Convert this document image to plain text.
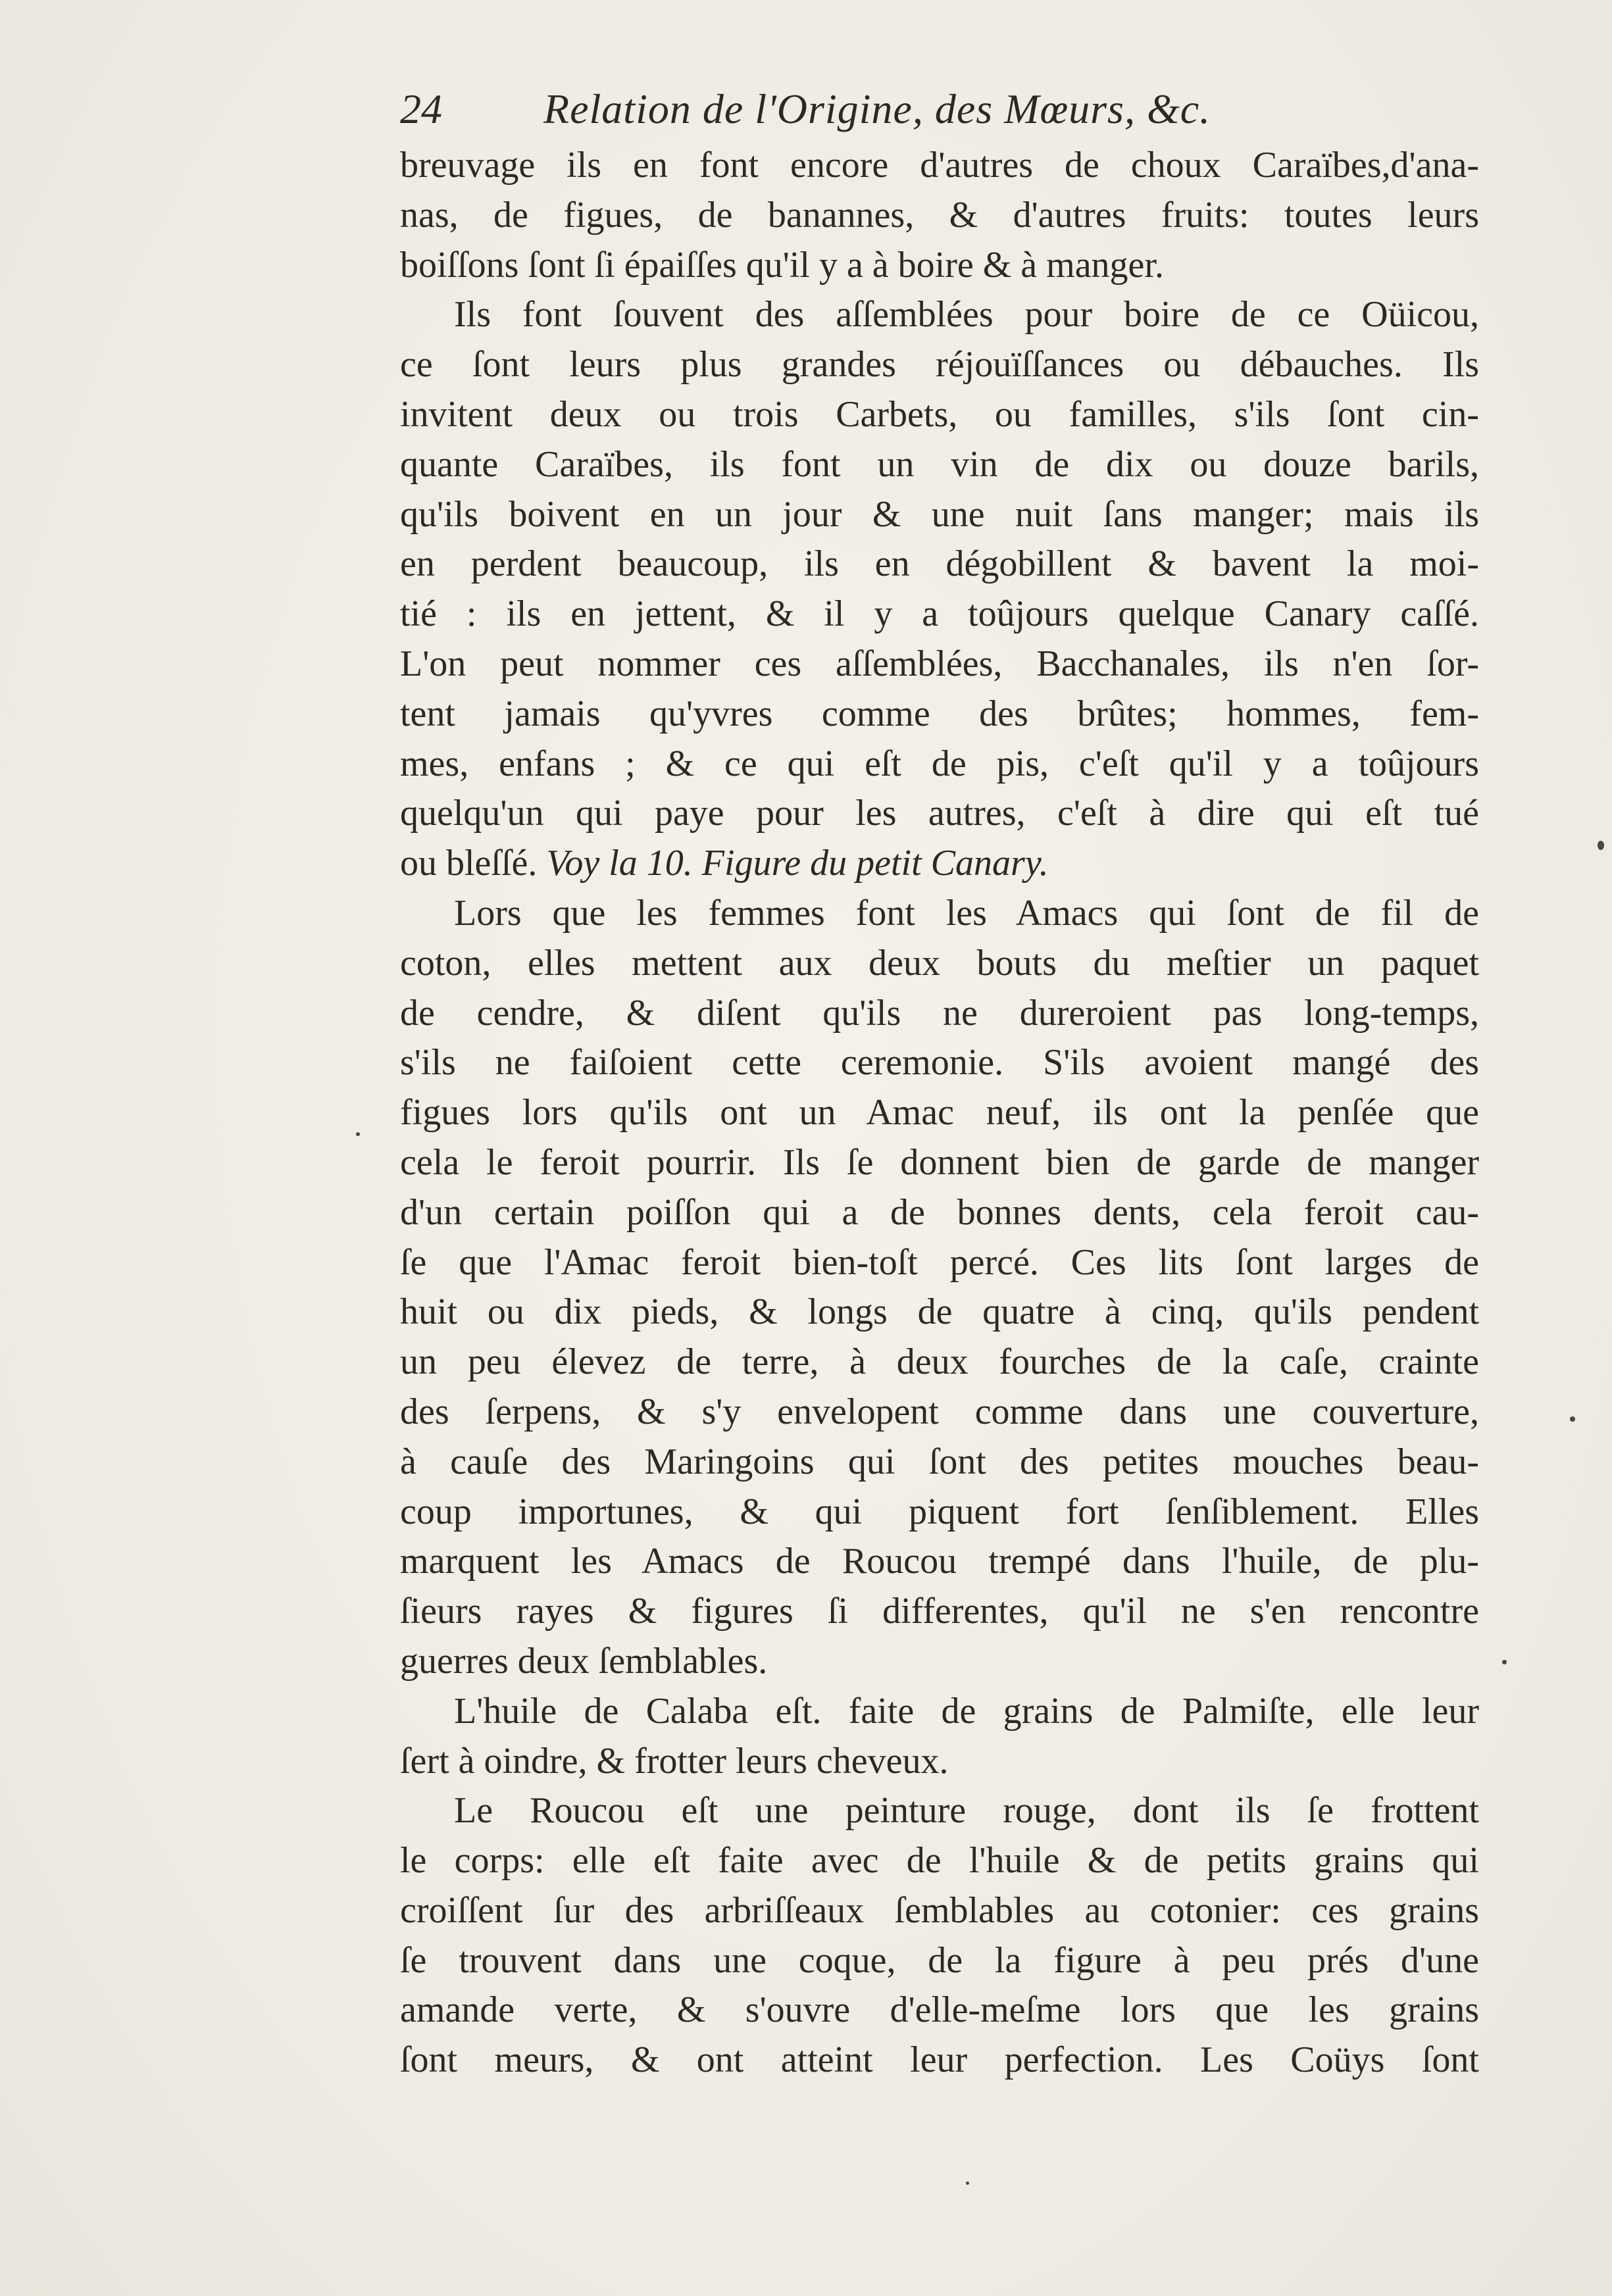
24 Relation de l'Origine, des Mœurs, &c.
breuvage ils en font encore d'autres de choux Caraïbes,d'ana-
nas, de figues, de banannes, & d'autres fruits: toutes leurs
boiſſons ſont ſi épaiſſes qu'il y a à boire & à manger.
Ils font ſouvent des aſſemblées pour boire de ce Oüicou,
ce ſont leurs plus grandes réjouïſſances ou débauches. Ils
invitent deux ou trois Carbets, ou familles, s'ils ſont cin-
quante Caraïbes, ils font un vin de dix ou douze barils,
qu'ils boivent en un jour & une nuit ſans manger; mais ils
en perdent beaucoup, ils en dégobillent & bavent la moi-
tié : ils en jettent, & il y a toûjours quelque Canary caſſé.
L'on peut nommer ces aſſemblées, Bacchanales, ils n'en ſor-
tent jamais qu'yvres comme des brûtes; hommes, fem-
mes, enfans ; & ce qui eſt de pis, c'eſt qu'il y a toûjours
quelqu'un qui paye pour les autres, c'eſt à dire qui eſt tué
ou bleſſé. Voy la 10. Figure du petit Canary.
Lors que les femmes font les Amacs qui ſont de fil de
coton, elles mettent aux deux bouts du meſtier un paquet
de cendre, & diſent qu'ils ne dureroient pas long-temps,
s'ils ne faiſoient cette ceremonie. S'ils avoient mangé des
figues lors qu'ils ont un Amac neuf, ils ont la penſée que
cela le feroit pourrir. Ils ſe donnent bien de garde de manger
d'un certain poiſſon qui a de bonnes dents, cela feroit cau-
ſe que l'Amac feroit bien-toſt percé. Ces lits ſont larges de
huit ou dix pieds, & longs de quatre à cinq, qu'ils pendent
un peu élevez de terre, à deux fourches de la caſe, crainte
des ſerpens, & s'y envelopent comme dans une couverture,
à cauſe des Maringoins qui ſont des petites mouches beau-
coup importunes, & qui piquent fort ſenſiblement. Elles
marquent les Amacs de Roucou trempé dans l'huile, de plu-
ſieurs rayes & figures ſi differentes, qu'il ne s'en rencontre
guerres deux ſemblables.
L'huile de Calaba eſt. faite de grains de Palmiſte, elle leur
ſert à oindre, & frotter leurs cheveux.
Le Roucou eſt une peinture rouge, dont ils ſe frottent
le corps: elle eſt faite avec de l'huile & de petits grains qui
croiſſent ſur des arbriſſeaux ſemblables au cotonier: ces grains
ſe trouvent dans une coque, de la figure à peu prés d'une
amande verte, & s'ouvre d'elle-meſme lors que les grains
ſont meurs, & ont atteint leur perfection. Les Coüys ſont
